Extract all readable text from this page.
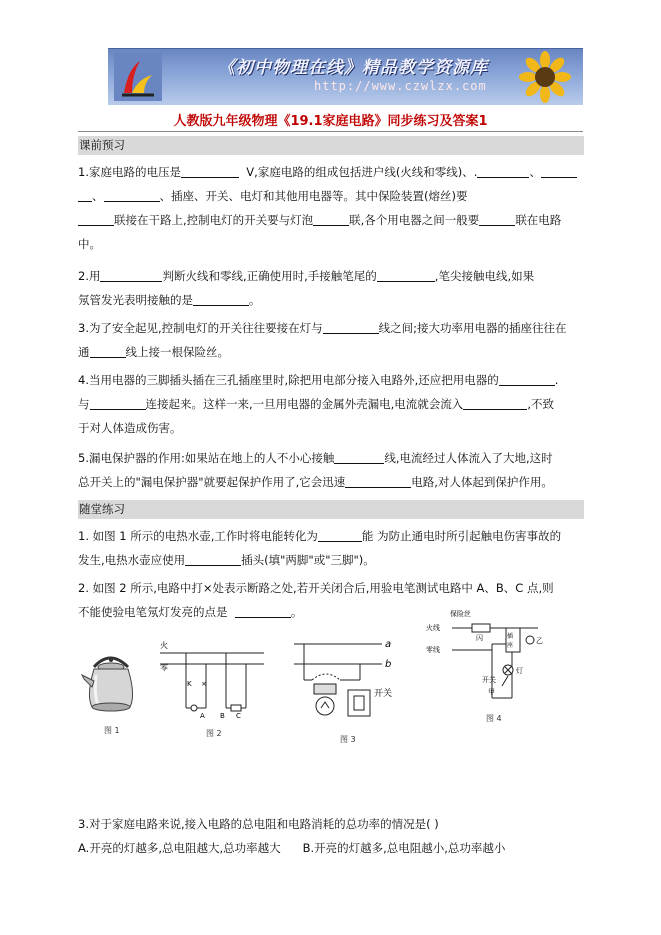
《初中物理在线》精品教学资源库
http://www.czwlzx.com
人教版九年级物理《19.1家庭电路》同步练习及答案1
课前预习
1.家庭电路的电压是	V,家庭电路的组成包括进户线(火线和零线)、.	、
、	、插座、开关、电灯和其他用电器等。其中保险装置(熔丝)要
联接在干路上,控制电灯的开关要与灯泡	联,各个用电器之间一般要	联在电路
中。
2.用	判断火线和零线,正确使用时,手接触笔尾的	,笔尖接触电线,如果
氖管发光表明接触的是	。
3.为了安全起见,控制电灯的开关往往要接在灯与	线之间;接大功率用电器的插座往往在
通	线上接一根保险丝。
4.当用电器的三脚插头插在三孔插座里时,除把用电部分接入电路外,还应把用电器的	.
与	连接起来。这样一来,一旦用电器的金属外壳漏电,电流就会流入	,不致
于对人体造成伤害。
5.漏电保护器的作用:如果站在地上的人不小心接触	线,电流经过人体流入了大地,这时
总开关上的"漏电保护器"就要起保护作用了,它会迅速	电路,对人体起到保护作用。
随堂练习
1. 如图 1 所示的电热水壶,工作时将电能转化为	能 为防止通电时所引起触电伤害事故的
发生,电热水壶应使用	插头(填"两脚"或"三脚")。
2. 如图 2 所示,电路中打×处表示断路之处,若开关闭合后,用验电笔测试电路中 A、B、C 点,则
不能使验电笔氖灯发亮的点是	。
图 1
火
零
K ×
A B C
图 2
a
b
开关
图 3
保险丝
火线
零线
闪	插
座
乙
灯
开关
甲
图 4
3.对于家庭电路来说,接入电路的总电阻和电路消耗的总功率的情况是( )
A.开亮的灯越多,总电阻越大,总功率越大 B.开亮的灯越多,总电阻越小,总功率越小
